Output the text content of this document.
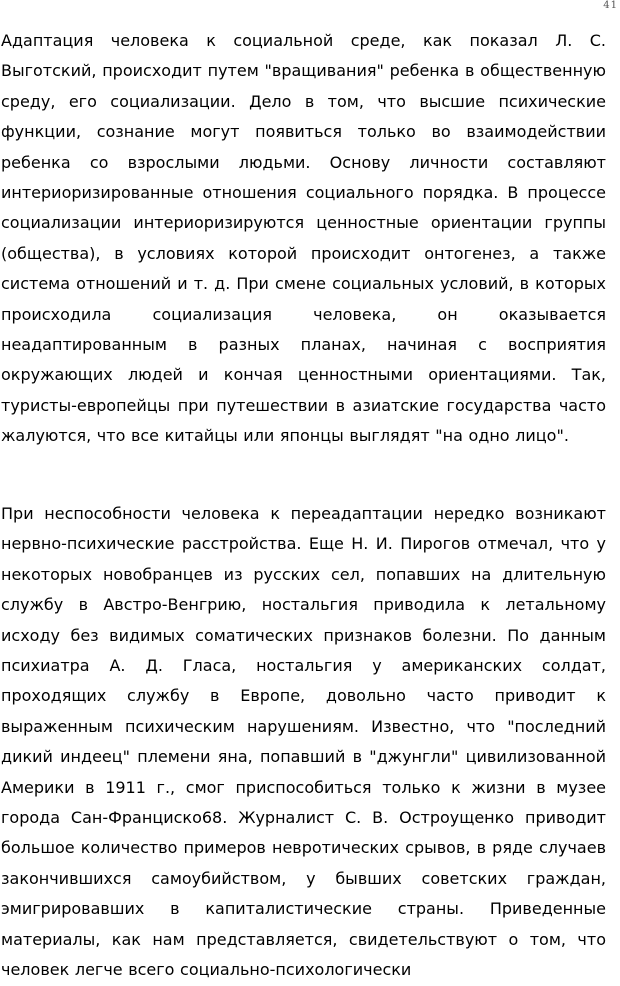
41

Адаптация человека к социальной среде, как показал Л. С. Выготский, происходит путем "вращивания" ребенка в общественную среду, его социализации. Дело в том, что высшие психические функции, сознание могут появиться только во взаимодействии ребенка со взрослыми людьми. Основу личности составляют интериоризированные отношения социального порядка. В процессе социализации интериоризируются ценностные ориентации группы (общества), в условиях которой происходит онтогенез, а также система отношений и т. д. При смене социальных условий, в которых происходила социализация человека, он оказывается неадаптированным в разных планах, начиная с восприятия окружающих людей и кончая ценностными ориентациями. Так, туристы-европейцы при путешествии в азиатские государства часто жалуются, что все китайцы или японцы выглядят "на одно лицо".

При неспособности человека к переадаптации нередко возникают нервно-психические расстройства. Еще Н. И. Пирогов отмечал, что у некоторых новобранцев из русских сел, попавших на длительную службу в Австро-Венгрию, ностальгия приводила к летальному исходу без видимых соматических признаков болезни. По данным психиатра А. Д. Гласа, ностальгия у американских солдат, проходящих службу в Европе, довольно часто приводит к выраженным психическим нарушениям. Известно, что "последний дикий индеец" племени яна, попавший в "джунгли" цивилизованной Америки в 1911 г., смог приспособиться только к жизни в музее города Сан-Франциско68. Журналист С. В. Остроущенко приводит большое количество примеров невротических срывов, в ряде случаев закончившихся самоубийством, у бывших советских граждан, эмигрировавших в капиталистические страны. Приведенные материалы, как нам представляется, свидетельствуют о том, что человек легче всего социально-психологически
